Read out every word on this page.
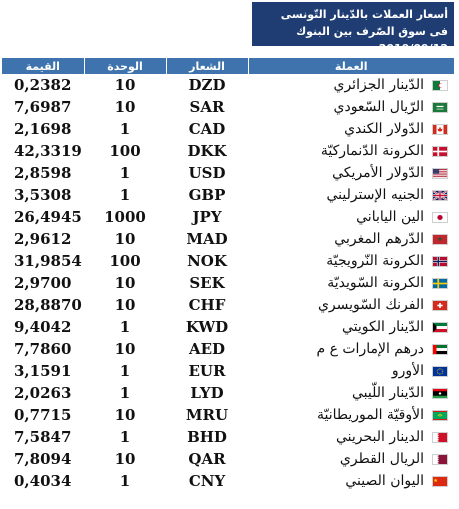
أسعار العملات بالدّينار التّونسى
فى سوق الصّرف بين البنوك 2019/09/12
القيمة	الوحدة	الشعار	العملة
0,2382	10	DZD	الدّينار الجزائري
7,6987	10	SAR	الرّيال السّعودي
2,1698	1	CAD	الدّولار الكندي
42,3319	100	DKK	الكرونة الدّنماركيّة
2,8598	1	USD	الدّولار الأمريكي
3,5308	1	GBP	الجنيه الإسترليني
26,4945	1000	JPY	الين الياباني
2,9612	10	MAD	الدّرهم المغربي
31,9854	100	NOK	الكرونة النّرويجيّة
2,9700	10	SEK	الكرونة السّويديّة
28,8870	10	CHF	الفرنك السّويسري
9,4042	1	KWD	الدّينار الكويتي
7,7860	10	AED	درهم الإمارات ع م
3,1591	1	EUR	الأورو
2,0263	1	LYD	الدّينار اللّيبي
0,7715	10	MRU	الأوقيّة الموريطانيّة
7,5847	1	BHD	الدينار البحريني
7,8094	10	QAR	الريال القطري
0,4034	1	CNY	اليوان الصيني
